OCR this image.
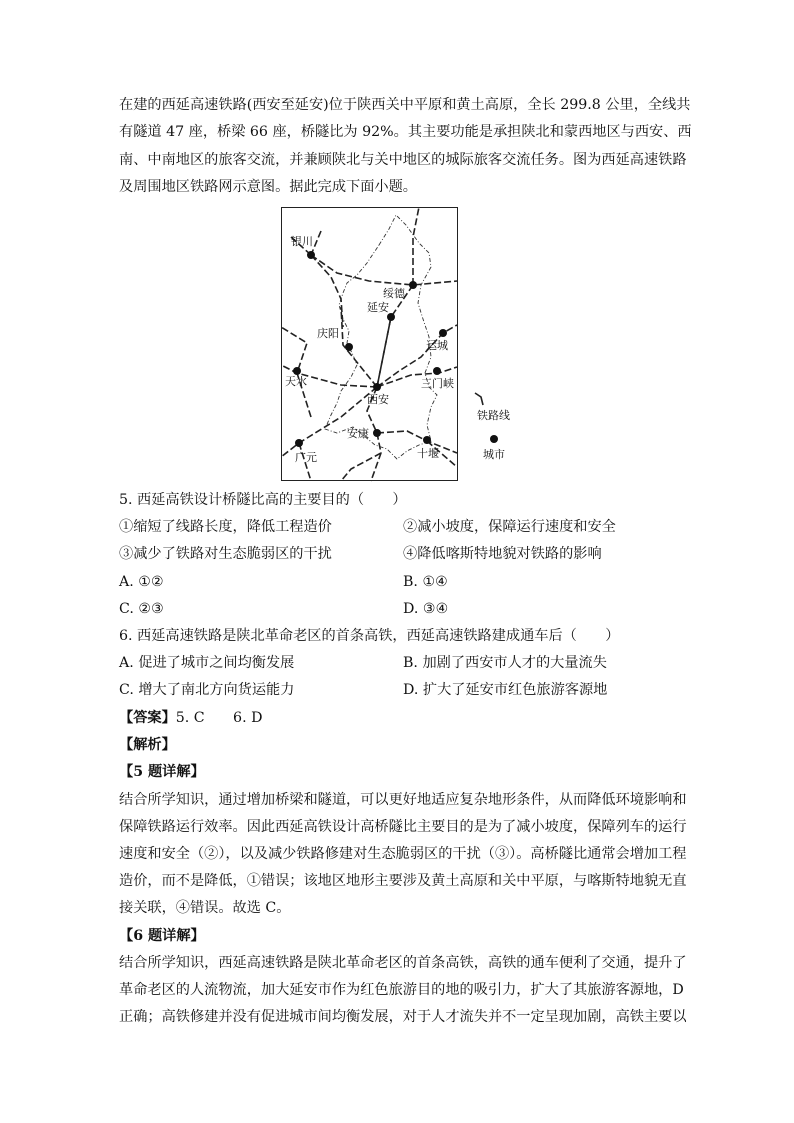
在建的西延高速铁路(西安至延安)位于陕西关中平原和黄土高原，全长 299.8 公里，全线共
有隧道 47 座，桥梁 66 座，桥隧比为 92%。其主要功能是承担陕北和蒙西地区与西安、西
南、中南地区的旅客交流，并兼顾陕北与关中地区的城际旅客交流任务。图为西延高速铁路
及周围地区铁路网示意图。据此完成下面小题。
银川
绥德
延安
庆阳
运城
天水	三门峡
西安
安康
广元	十堰
铁路线
城市
5. 西延高铁设计桥隧比高的主要目的（　　）
①缩短了线路长度，降低工程造价	②减小坡度，保障运行速度和安全
③减少了铁路对生态脆弱区的干扰	④降低喀斯特地貌对铁路的影响
A. ①②	B. ①④
C. ②③	D. ③④
6. 西延高速铁路是陕北革命老区的首条高铁，西延高速铁路建成通车后（　　）
A. 促进了城市之间均衡发展	B. 加剧了西安市人才的大量流失
C. 增大了南北方向货运能力	D. 扩大了延安市红色旅游客源地
【答案】5. C　　6. D
【解析】
【5 题详解】
结合所学知识，通过增加桥梁和隧道，可以更好地适应复杂地形条件，从而降低环境影响和
保障铁路运行效率。因此西延高铁设计高桥隧比主要目的是为了减小坡度，保障列车的运行
速度和安全（②），以及减少铁路修建对生态脆弱区的干扰（③）。高桥隧比通常会增加工程
造价，而不是降低，①错误；该地区地形主要涉及黄土高原和关中平原，与喀斯特地貌无直
接关联，④错误。故选 C。
【6 题详解】
结合所学知识，西延高速铁路是陕北革命老区的首条高铁，高铁的通车便利了交通，提升了
革命老区的人流物流，加大延安市作为红色旅游目的地的吸引力，扩大了其旅游客源地，D
正确；高铁修建并没有促进城市间均衡发展，对于人才流失并不一定呈现加剧，高铁主要以
